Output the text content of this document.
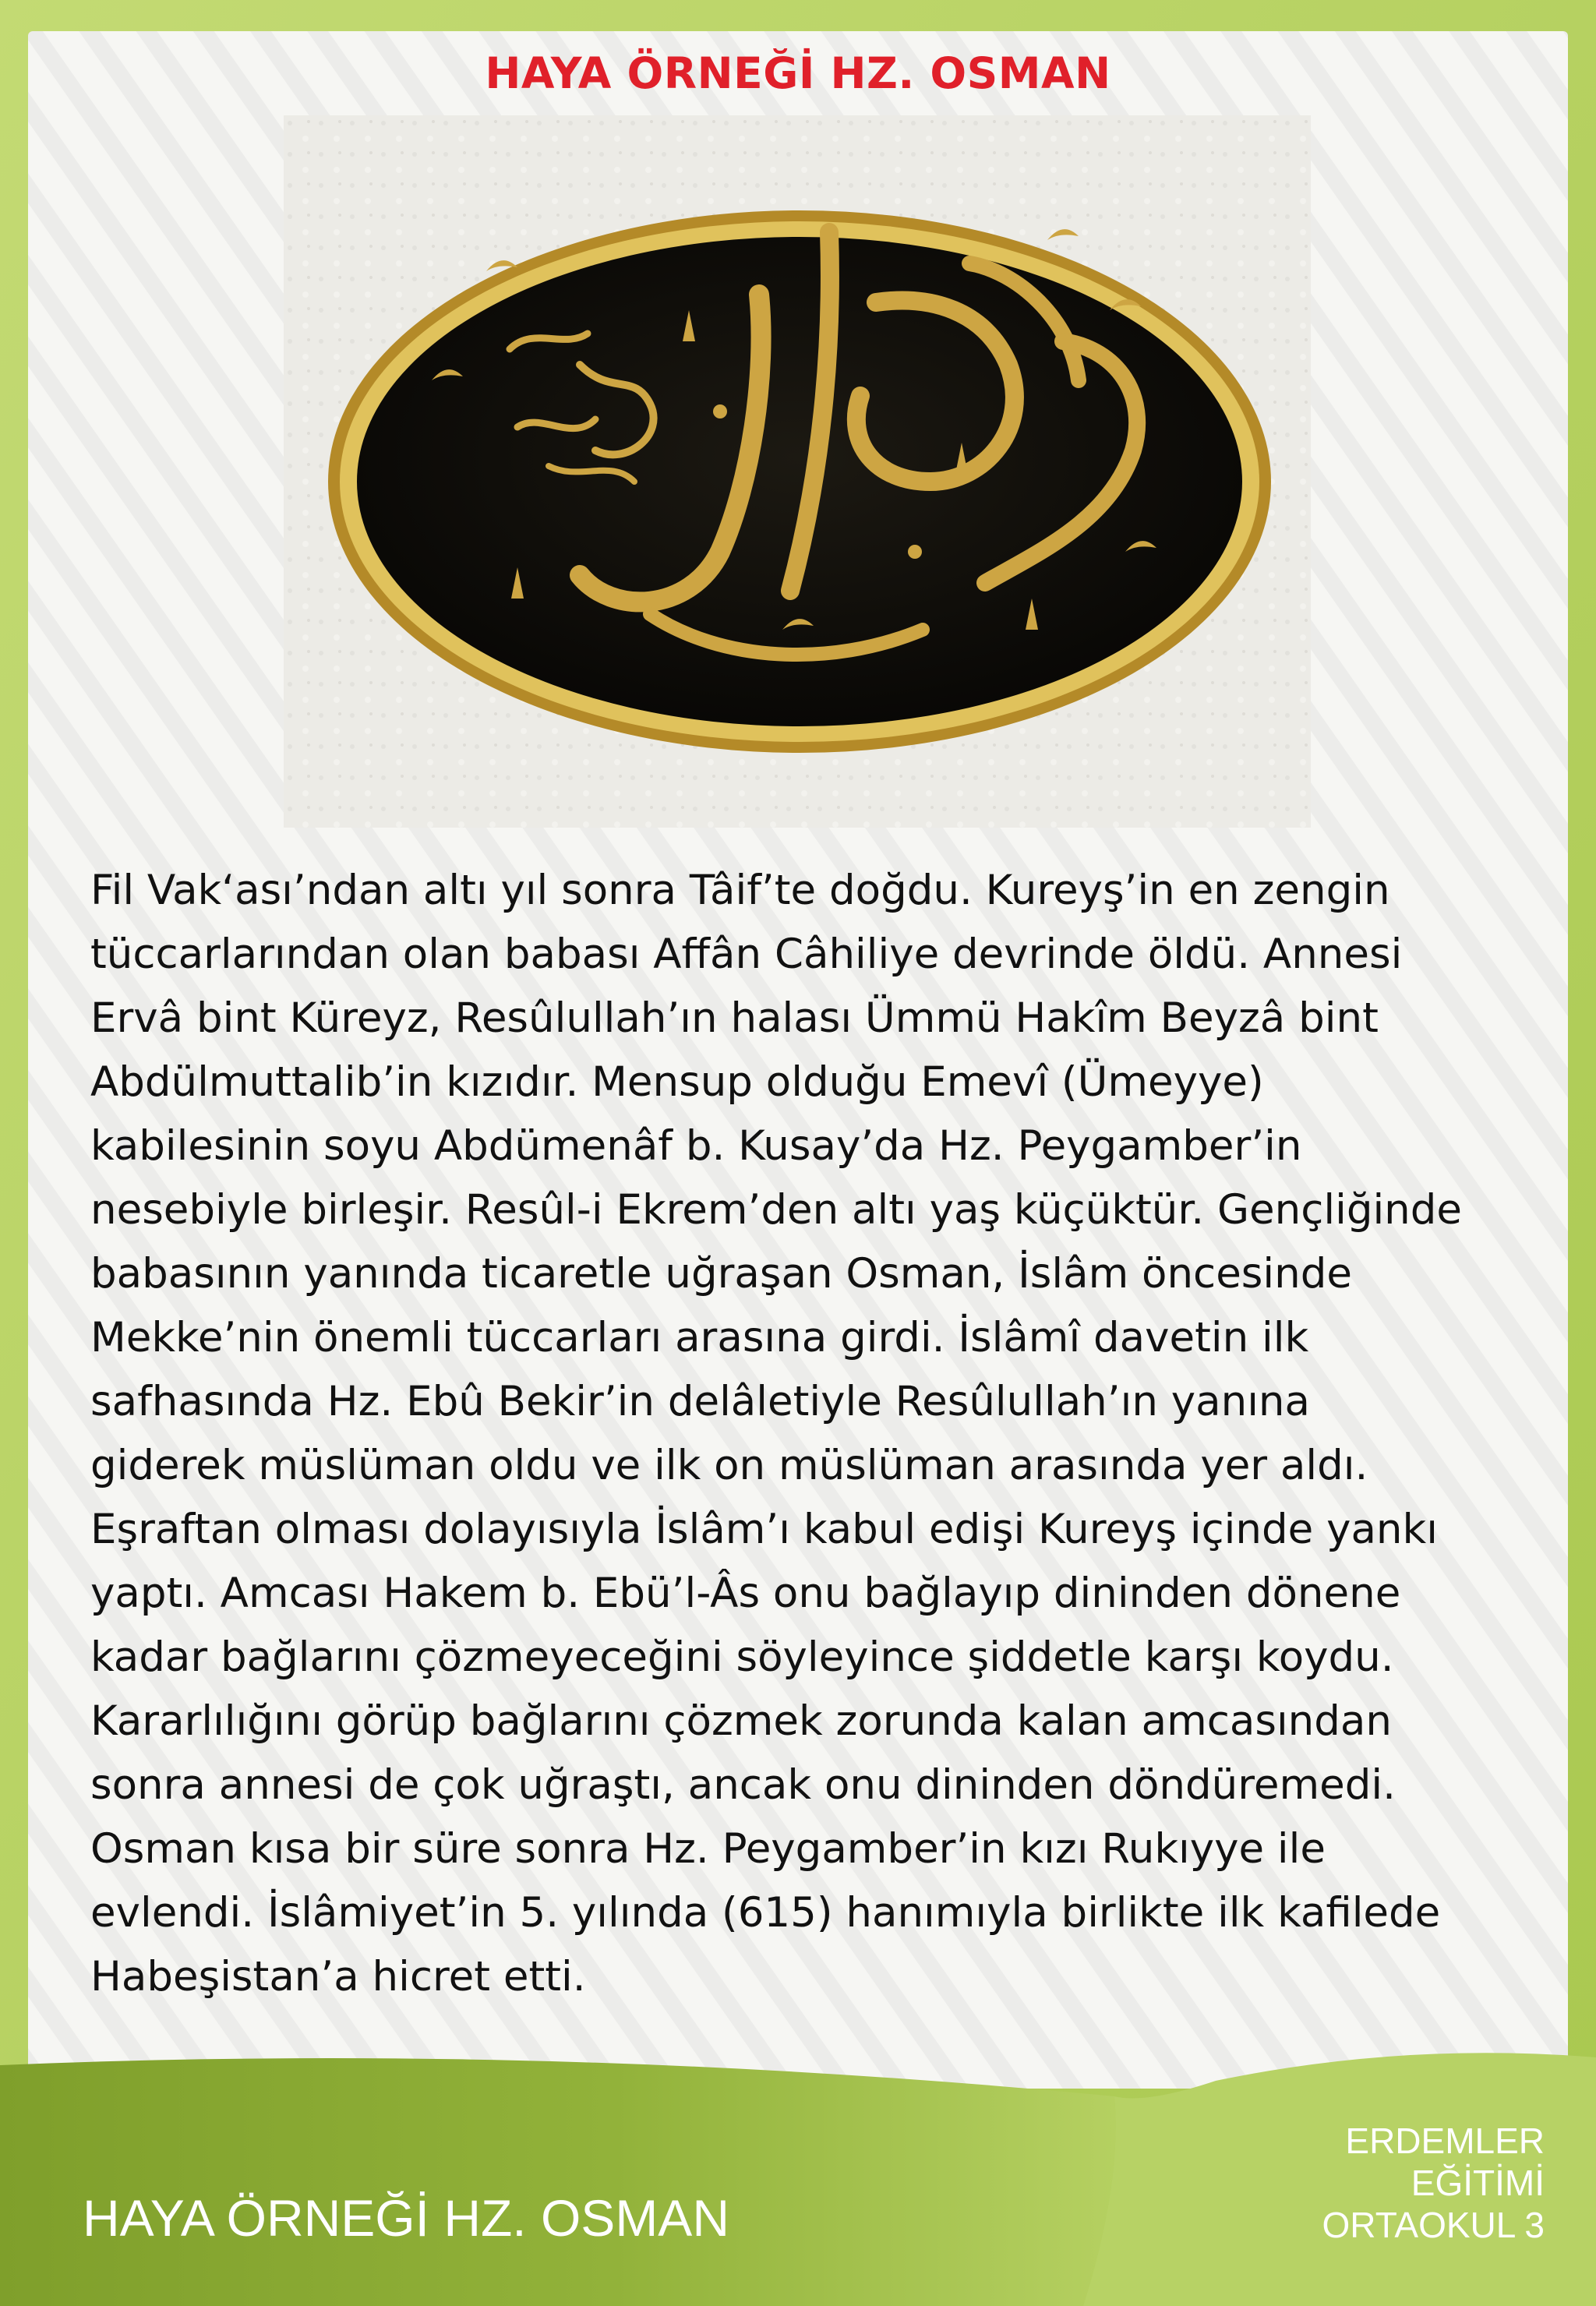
HAYA ÖRNEĞİ HZ. OSMAN
Fil Vak‘ası’ndan altı yıl sonra Tâif’te doğdu. Kureyş’in en zengin
tüccarlarından olan babası Affân Câhiliye devrinde öldü. Annesi
Ervâ bint Küreyz, Resûlullah’ın halası Ümmü Hakîm Beyzâ bint
Abdülmuttalib’in kızıdır. Mensup olduğu Emevî (Ümeyye)
kabilesinin soyu Abdümenâf b. Kusay’da Hz. Peygamber’in
nesebiyle birleşir. Resûl-i Ekrem’den altı yaş küçüktür. Gençliğinde
babasının yanında ticaretle uğraşan Osman, İslâm öncesinde
Mekke’nin önemli tüccarları arasına girdi. İslâmî davetin ilk
safhasında Hz. Ebû Bekir’in delâletiyle Resûlullah’ın yanına
giderek müslüman oldu ve ilk on müslüman arasında yer aldı.
Eşraftan olması dolayısıyla İslâm’ı kabul edişi Kureyş içinde yankı
yaptı. Amcası Hakem b. Ebü’l-Âs onu bağlayıp dininden dönene
kadar bağlarını çözmeyeceğini söyleyince şiddetle karşı koydu.
Kararlılığını görüp bağlarını çözmek zorunda kalan amcasından
sonra annesi de çok uğraştı, ancak onu dininden döndüremedi.
Osman kısa bir süre sonra Hz. Peygamber’in kızı Rukıyye ile
evlendi. İslâmiyet’in 5. yılında (615) hanımıyla birlikte ilk kafilede
Habeşistan’a hicret etti.

HAYA ÖRNEĞİ HZ. OSMAN

ERDEMLER
EĞİTİMİ
ORTAOKUL 3
